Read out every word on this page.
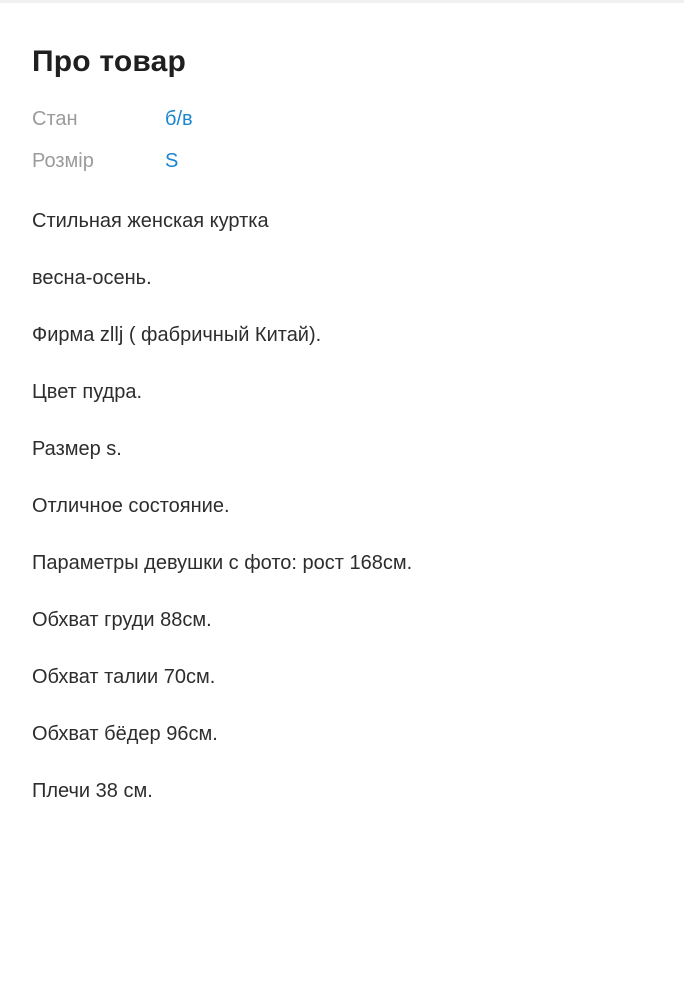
Про товар
Стан	б/в
Розмір	S

Стильная женская куртка

весна-осень.

Фирма zllj ( фабричный Китай).

Цвет пудра.

Размер s.

Отличное состояние.

Параметры девушки с фото: рост 168см.

Обхват груди 88см.

Обхват талии 70см.

Обхват бёдер 96см.

Плечи 38 см.
